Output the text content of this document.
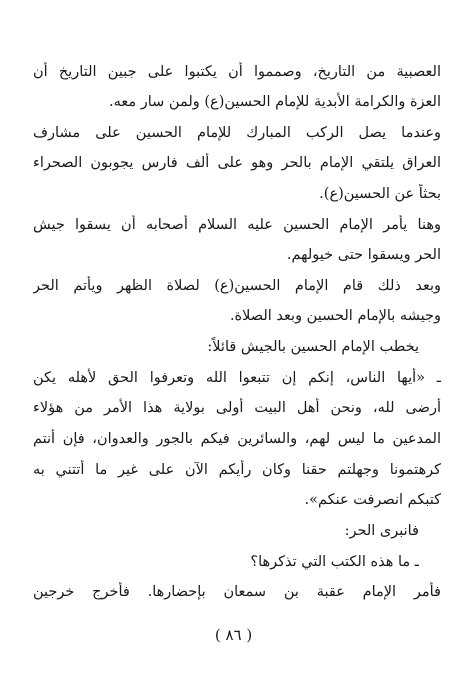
العصبية من التاريخ، وصمموا أن يكتبوا على جبين التاريخ أن
العزة والكرامة الأبدية للإمام الحسين(ع) ولمن سار معه.
وعندما يصل الركب المبارك للإمام الحسين على مشارف
العراق يلتقي الإمام بالحر وهو على ألف فارس يجوبون الصحراء
بحثاً عن الحسين(ع).
وهنا يأمر الإمام الحسين عليه السلام أصحابه أن يسقوا جيش
الحر ويسقوا حتى خيولهم.
وبعد ذلك قام الإمام الحسين(ع) لصلاة الظهر ويأتم الحر
وجيشه بالإمام الحسين وبعد الصلاة.
يخطب الإمام الحسين بالجيش قائلاً:
ـ «أيها الناس، إنكم إن تتبعوا الله وتعرفوا الحق لأهله يكن
أرضى لله، ونحن أهل البيت أولى بولاية هذا الأمر من هؤلاء
المدعين ما ليس لهم، والسائرين فيكم بالجور والعدوان، فإن أنتم
كرهتمونا وجهلتم حقنا وكان رأيكم الآن على غير ما أتتني به
كتبكم انصرفت عنكم».
فانبرى الحر:
ـ ما هذه الكتب التي تذكرها؟
فأمر الإمام عقبة بن سمعان بإحضارها. فأخرج خرجين
( ٨٦ )
